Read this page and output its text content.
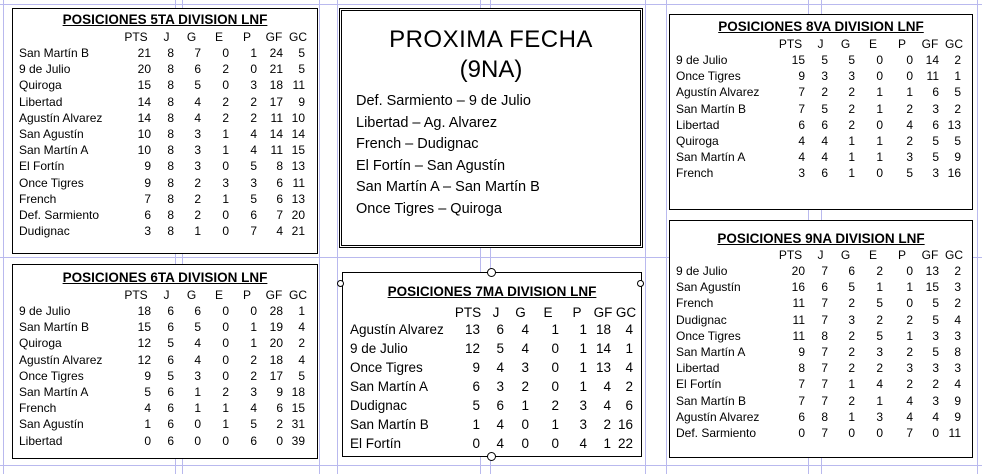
POSICIONES 5TA DIVISION LNF
	PTS	J	G	E	P	GF	GC
San Martín B	21	8	7	0	1	24	5
9 de Julio	20	8	6	2	0	21	5
Quiroga	15	8	5	0	3	18	11
Libertad	14	8	4	2	2	17	9
Agustín Alvarez	14	8	4	2	2	11	10
San Agustín	10	8	3	1	4	14	14
San Martín A	10	8	3	1	4	11	15
El Fortín	9	8	3	0	5	8	13
Once Tigres	9	8	2	3	3	6	11
French	7	8	2	1	5	6	13
Def. Sarmiento	6	8	2	0	6	7	20
Dudignac	3	8	1	0	7	4	21
POSICIONES 6TA DIVISION LNF
	PTS	J	G	E	P	GF	GC
9 de Julio	18	6	6	0	0	28	1
San Martín B	15	6	5	0	1	19	4
Quiroga	12	5	4	0	1	20	2
Agustín Alvarez	12	6	4	0	2	18	4
Once Tigres	9	5	3	0	2	17	5
San Martín A	5	6	1	2	3	9	18
French	4	6	1	1	4	6	15
San Agustín	1	6	0	1	5	2	31
Libertad	0	6	0	0	6	0	39
PROXIMA FECHA
(9NA)
Def. Sarmiento – 9 de Julio
Libertad – Ag. Alvarez
French – Dudignac
El Fortín – San Agustín
San Martín A – San Martín B
Once Tigres – Quiroga
POSICIONES 7MA DIVISION LNF
	PTS	J	G	E	P	GF	GC
Agustín Alvarez	13	6	4	1	1	18	4
9 de Julio	12	5	4	0	1	14	1
Once Tigres	9	4	3	0	1	13	4
San Martín A	6	3	2	0	1	4	2
Dudignac	5	6	1	2	3	4	6
San Martín B	1	4	0	1	3	2	16
El Fortín	0	4	0	0	4	1	22
POSICIONES 8VA DIVISION LNF
	PTS	J	G	E	P	GF	GC
9 de Julio	15	5	5	0	0	14	2
Once Tigres	9	3	3	0	0	11	1
Agustín Alvarez	7	2	2	1	1	6	5
San Martín B	7	5	2	1	2	3	2
Libertad	6	6	2	0	4	6	13
Quiroga	4	4	1	1	2	5	5
San Martín A	4	4	1	1	3	5	9
French	3	6	1	0	5	3	16
POSICIONES 9NA DIVISION LNF
	PTS	J	G	E	P	GF	GC
9 de Julio	20	7	6	2	0	13	2
San Agustín	16	6	5	1	1	15	3
French	11	7	2	5	0	5	2
Dudignac	11	7	3	2	2	5	4
Once Tigres	11	8	2	5	1	3	3
San Martín A	9	7	2	3	2	5	8
Libertad	8	7	2	2	3	3	3
El Fortín	7	7	1	4	2	2	4
San Martín B	7	7	2	1	4	3	9
Agustín Alvarez	6	8	1	3	4	4	9
Def. Sarmiento	0	7	0	0	7	0	11
